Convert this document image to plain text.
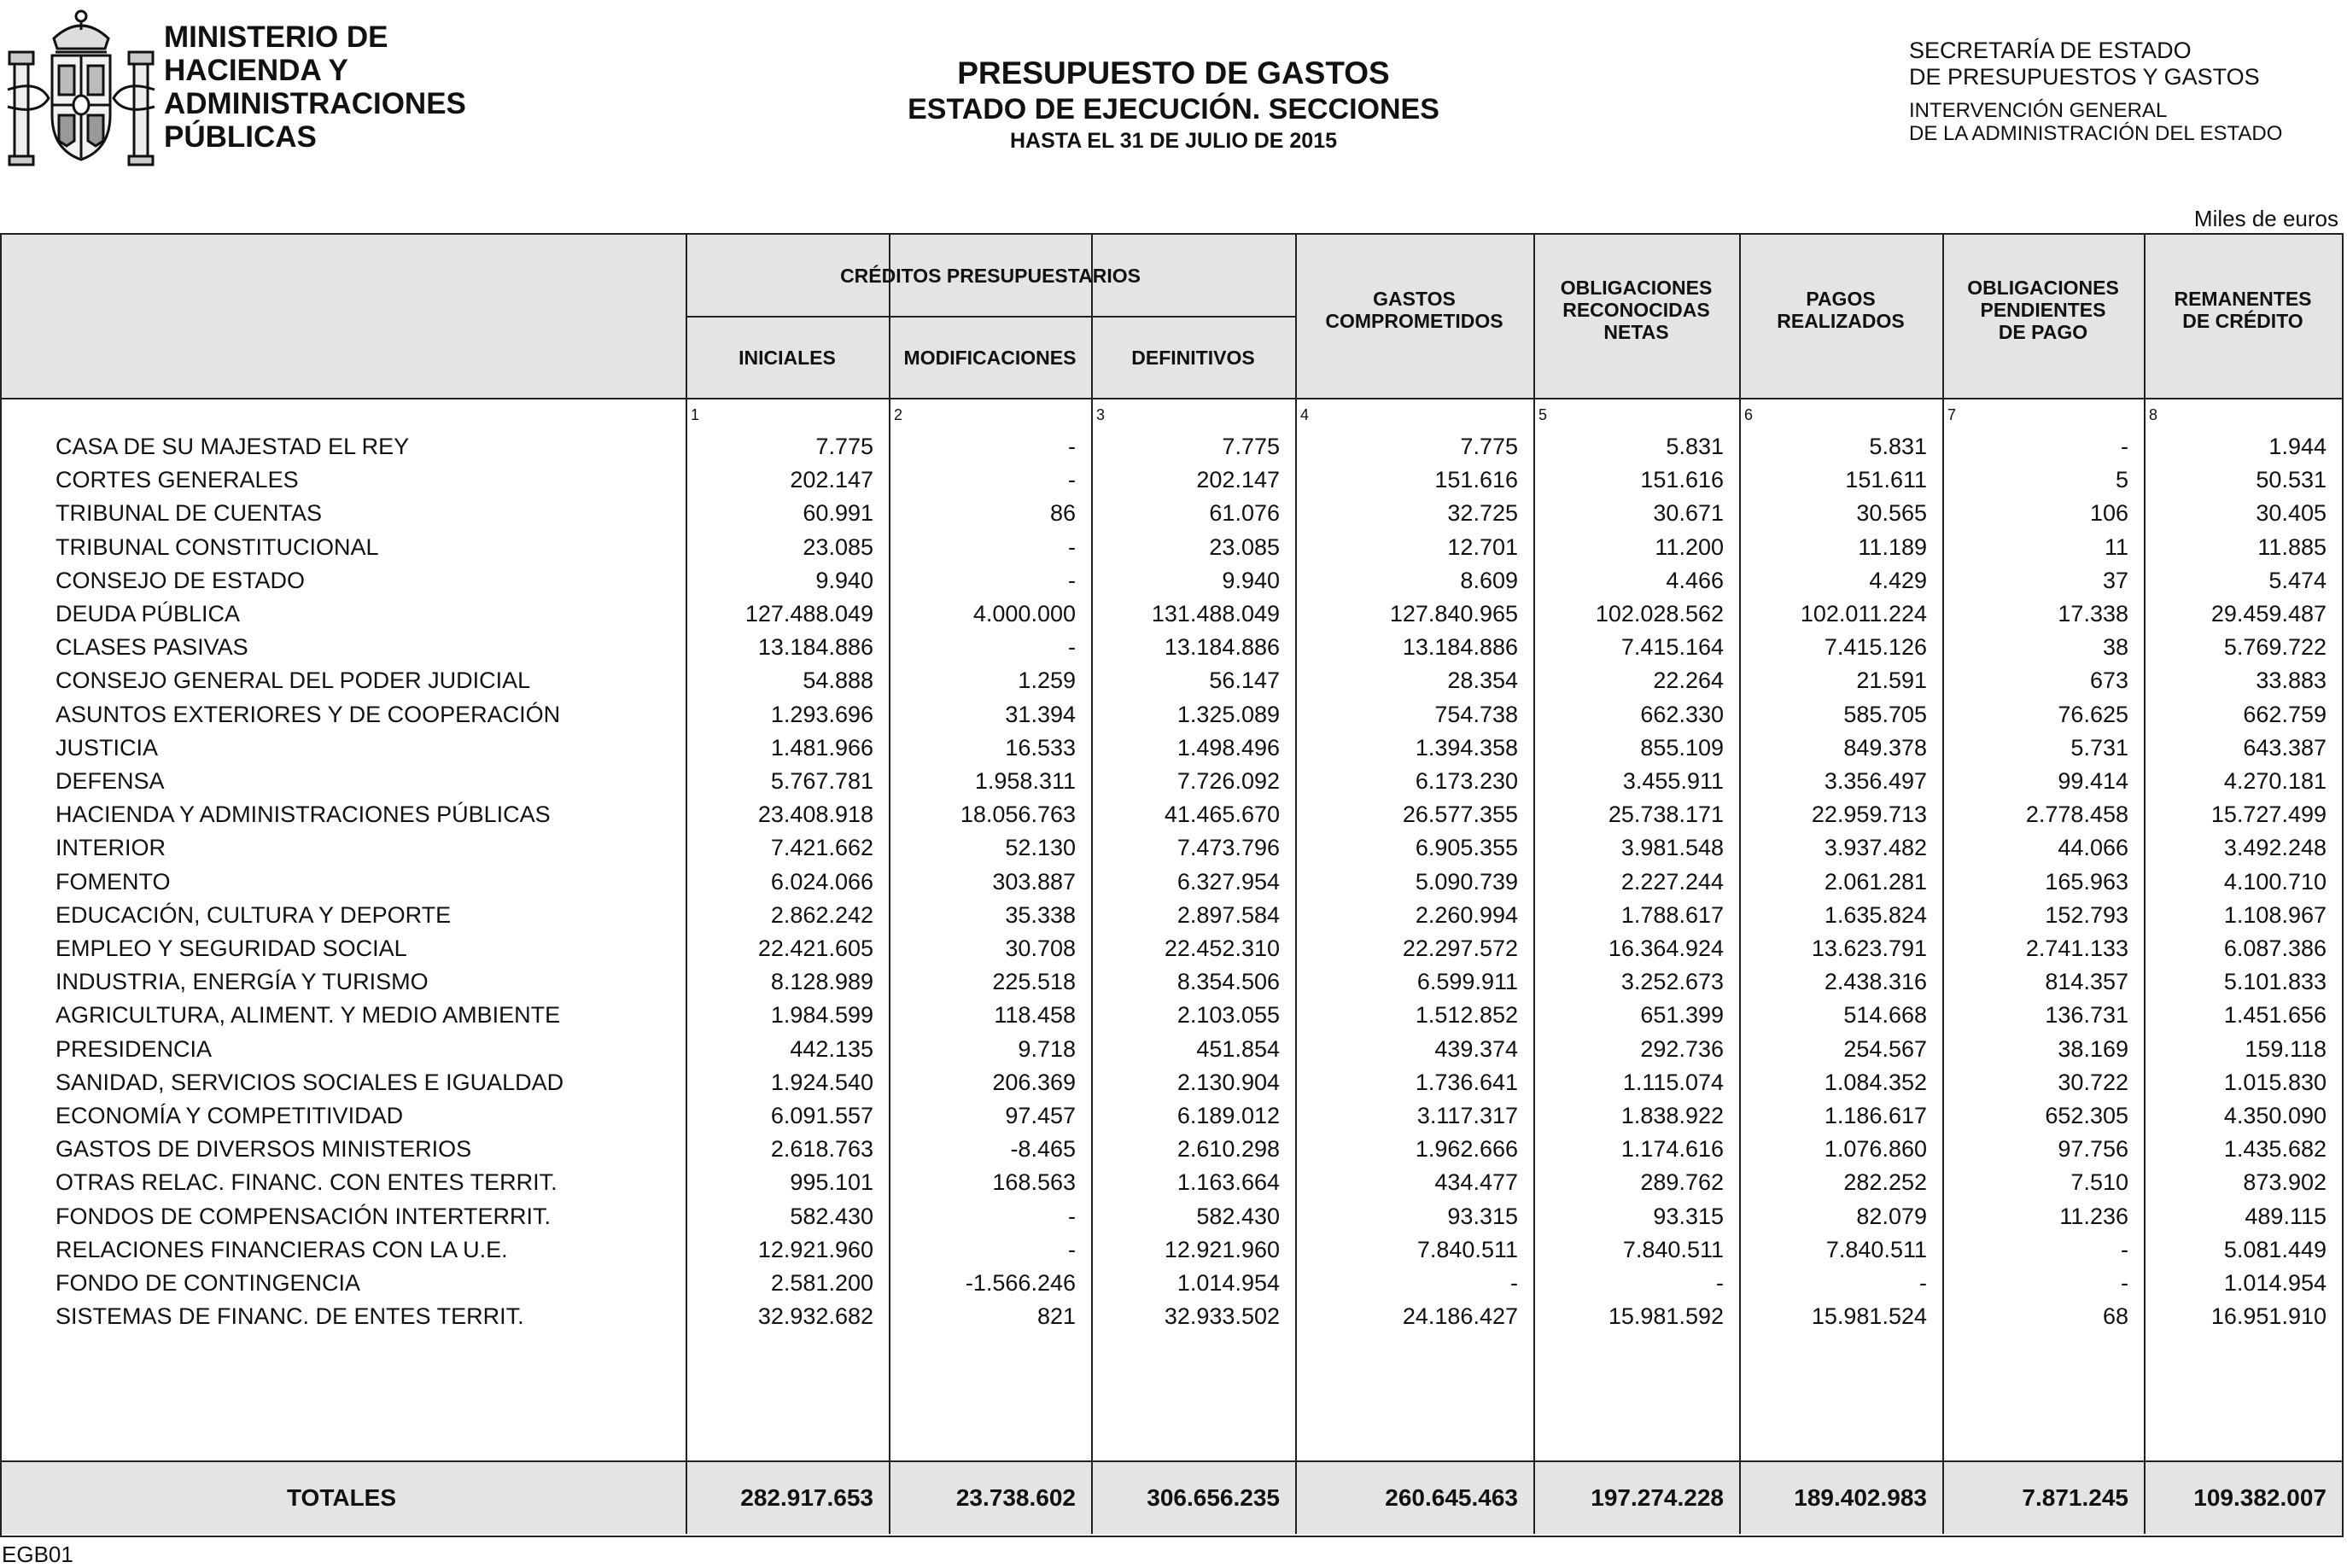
MINISTERIO DE
HACIENDA Y
ADMINISTRACIONES
PÚBLICAS
PRESUPUESTO DE GASTOS
ESTADO DE EJECUCIÓN. SECCIONES
HASTA EL 31 DE JULIO DE 2015
SECRETARÍA DE ESTADO
DE PRESUPUESTOS Y GASTOS
INTERVENCIÓN GENERAL
DE LA ADMINISTRACIÓN DEL ESTADO
Miles de euros
CRÉDITOS PRESUPUESTARIOS
INICIALES	MODIFICACIONES	DEFINITIVOS
GASTOS
COMPROMETIDOS
OBLIGACIONES
RECONOCIDAS
NETAS
PAGOS
REALIZADOS
OBLIGACIONES
PENDIENTES
DE PAGO
REMANENTES
DE CRÉDITO
1	2	3	4	5	6	7	8
CASA DE SU MAJESTAD EL REY	7.775	-	7.775	7.775	5.831	5.831	-	1.944
CORTES GENERALES	202.147	-	202.147	151.616	151.616	151.611	5	50.531
TRIBUNAL DE CUENTAS	60.991	86	61.076	32.725	30.671	30.565	106	30.405
TRIBUNAL CONSTITUCIONAL	23.085	-	23.085	12.701	11.200	11.189	11	11.885
CONSEJO DE ESTADO	9.940	-	9.940	8.609	4.466	4.429	37	5.474
DEUDA PÚBLICA	127.488.049	4.000.000	131.488.049	127.840.965	102.028.562	102.011.224	17.338	29.459.487
CLASES PASIVAS	13.184.886	-	13.184.886	13.184.886	7.415.164	7.415.126	38	5.769.722
CONSEJO GENERAL DEL PODER JUDICIAL	54.888	1.259	56.147	28.354	22.264	21.591	673	33.883
ASUNTOS EXTERIORES Y DE COOPERACIÓN	1.293.696	31.394	1.325.089	754.738	662.330	585.705	76.625	662.759
JUSTICIA	1.481.966	16.533	1.498.496	1.394.358	855.109	849.378	5.731	643.387
DEFENSA	5.767.781	1.958.311	7.726.092	6.173.230	3.455.911	3.356.497	99.414	4.270.181
HACIENDA Y ADMINISTRACIONES PÚBLICAS	23.408.918	18.056.763	41.465.670	26.577.355	25.738.171	22.959.713	2.778.458	15.727.499
INTERIOR	7.421.662	52.130	7.473.796	6.905.355	3.981.548	3.937.482	44.066	3.492.248
FOMENTO	6.024.066	303.887	6.327.954	5.090.739	2.227.244	2.061.281	165.963	4.100.710
EDUCACIÓN, CULTURA Y DEPORTE	2.862.242	35.338	2.897.584	2.260.994	1.788.617	1.635.824	152.793	1.108.967
EMPLEO Y SEGURIDAD SOCIAL	22.421.605	30.708	22.452.310	22.297.572	16.364.924	13.623.791	2.741.133	6.087.386
INDUSTRIA, ENERGÍA Y TURISMO	8.128.989	225.518	8.354.506	6.599.911	3.252.673	2.438.316	814.357	5.101.833
AGRICULTURA, ALIMENT. Y MEDIO AMBIENTE	1.984.599	118.458	2.103.055	1.512.852	651.399	514.668	136.731	1.451.656
PRESIDENCIA	442.135	9.718	451.854	439.374	292.736	254.567	38.169	159.118
SANIDAD, SERVICIOS SOCIALES E IGUALDAD	1.924.540	206.369	2.130.904	1.736.641	1.115.074	1.084.352	30.722	1.015.830
ECONOMÍA Y COMPETITIVIDAD	6.091.557	97.457	6.189.012	3.117.317	1.838.922	1.186.617	652.305	4.350.090
GASTOS DE DIVERSOS MINISTERIOS	2.618.763	-8.465	2.610.298	1.962.666	1.174.616	1.076.860	97.756	1.435.682
OTRAS RELAC. FINANC. CON ENTES TERRIT.	995.101	168.563	1.163.664	434.477	289.762	282.252	7.510	873.902
FONDOS DE COMPENSACIÓN INTERTERRIT.	582.430	-	582.430	93.315	93.315	82.079	11.236	489.115
RELACIONES FINANCIERAS CON LA U.E.	12.921.960	-	12.921.960	7.840.511	7.840.511	7.840.511	-	5.081.449
FONDO DE CONTINGENCIA	2.581.200	-1.566.246	1.014.954	-	-	-	-	1.014.954
SISTEMAS DE FINANC. DE ENTES TERRIT.	32.932.682	821	32.933.502	24.186.427	15.981.592	15.981.524	68	16.951.910
TOTALES	282.917.653	23.738.602	306.656.235	260.645.463	197.274.228	189.402.983	7.871.245	109.382.007
EGB01
